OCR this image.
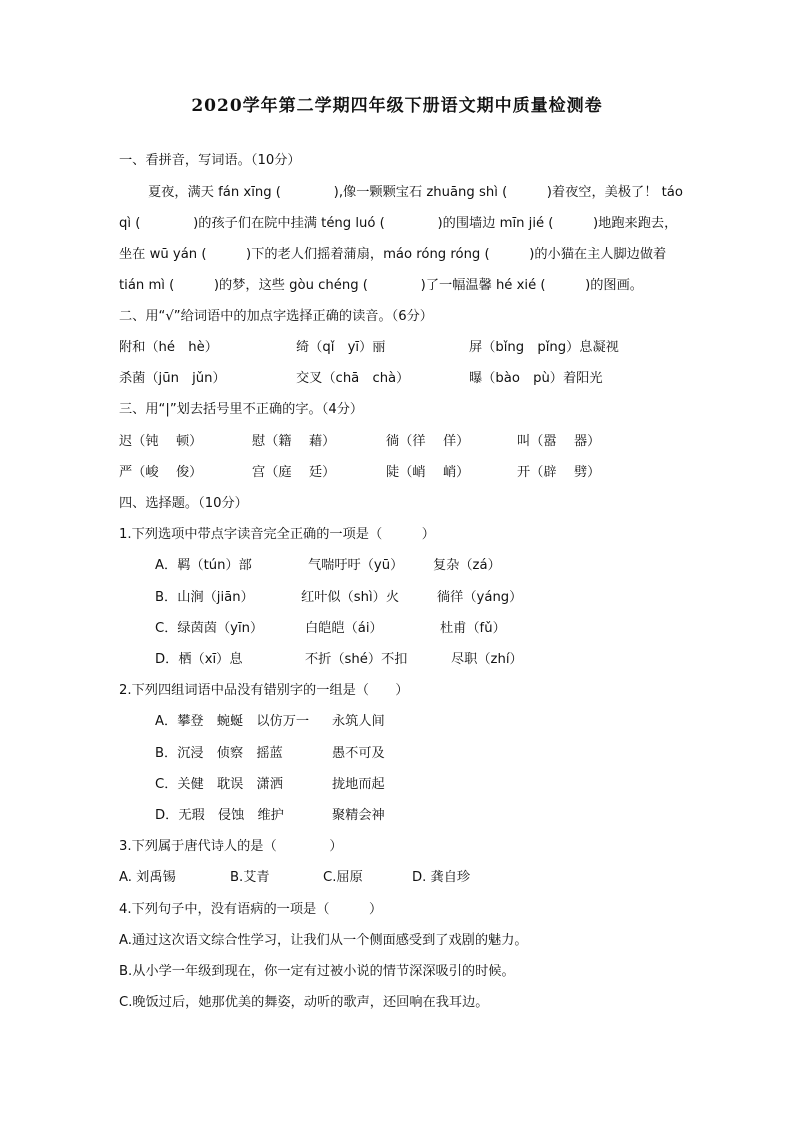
2020学年第二学期四年级下册语文期中质量检测卷
一、看拼音，写词语。（10分）
夏夜，满天 fán xīng (　　　　),像一颗颗宝石 zhuāng shì (　　　)着夜空，美极了！ táo
qì (　　　　)的孩子们在院中挂满 téng luó (　　　　)的围墙边 mīn jié (　　　)地跑来跑去，
坐在 wū yán (　　　)下的老人们摇着蒲扇，máo róng róng (　　　)的小猫在主人脚边做着
tián mì (　　　)的梦，这些 gòu chéng (　　　　)了一幅温馨 hé xié (　　　)的图画。
二、用“√”给词语中的加点字选择正确的读音。（6分）
附和（hé　hè）	绮（qǐ　yī）丽	屏（bǐng　pǐng）息凝视
杀菌（jūn　jǔn）	交叉（chā　chà）	曝（bào　pù）着阳光
三、用“|”划去括号里不正确的字。（4分）
迟（钝　 顿）	慰（籍　 藉）	徜（徉　 佯）	叫（嚣　 器）
严（峻　 俊）	宫（庭　 廷）	陡（峭　 峭）	开（辟　 劈）
四、选择题。（10分）
1.下列选项中带点字读音完全正确的一项是（　　　）
A．羁（tún）部	气喘吁吁（yū） 复杂（zá）
B．山涧（jiān）	红叶似（shì）火	徜徉（yáng）
C．绿茵茵（yīn）	白皑皑（ái）	杜甫（fǔ）
D．栖（xī）息	不折（shé）不扣	尽职（zhí）
2.下列四组词语中品没有错别字的一组是（　　）
A．攀登　蜿蜒　以仿万一 永筑人间
B．沉浸　侦察　摇蓝	愚不可及
C．关健　耽误　潇洒	拢地而起
D．无瑕　侵蚀　维护	聚精会神
3.下列属于唐代诗人的是（　　　　）
A. 刘禹锡	B.艾青	C.屈原	D. 龚自珍
4.下列句子中，没有语病的一项是（　　　）
A.通过这次语文综合性学习，让我们从一个侧面感受到了戏剧的魅力。
B.从小学一年级到现在，你一定有过被小说的情节深深吸引的时候。
C.晚饭过后，她那优美的舞姿，动听的歌声，还回响在我耳边。
